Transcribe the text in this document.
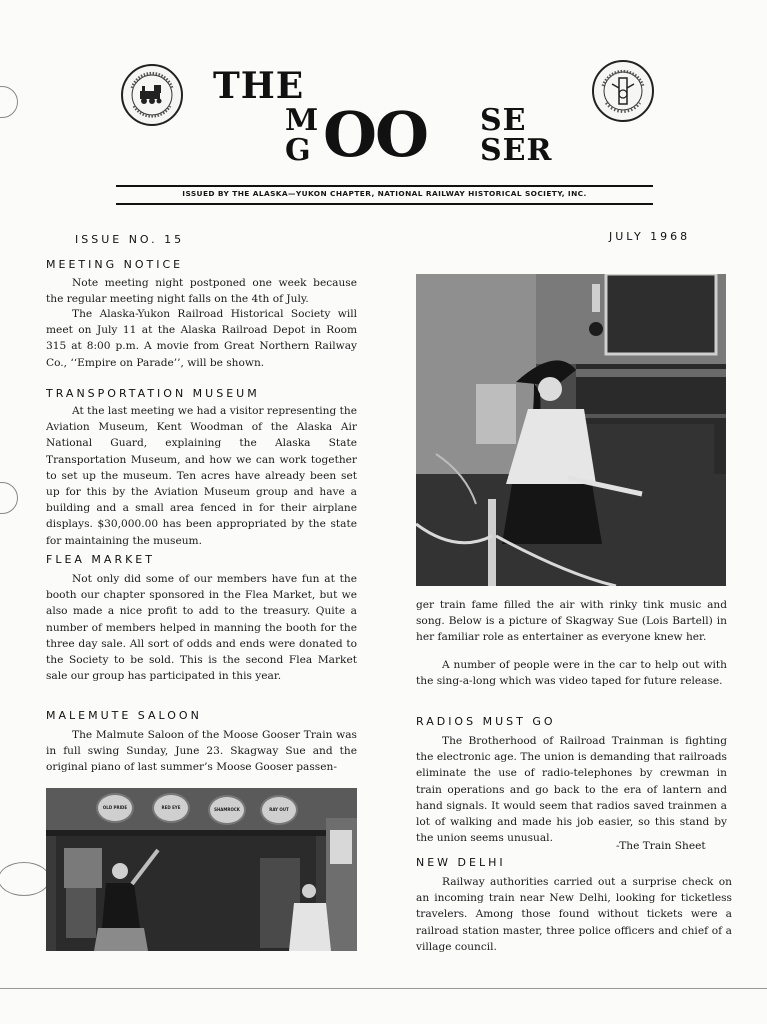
THE
M
G OO SE
SER
ISSUED BY THE ALASKA—YUKON CHAPTER, NATIONAL RAILWAY HISTORICAL SOCIETY, INC.
ISSUE NO. 15	JULY 1968
MEETING NOTICE

Note meeting night postponed one week because the regular meeting night falls on the 4th of July.

The Alaska-Yukon Railroad Historical Society will meet on July 11 at the Alaska Railroad Depot in Room 315 at 8:00 p.m. A movie from Great Northern Railway Co., ‘‘Empire on Parade’’, will be shown.

TRANSPORTATION MUSEUM

At the last meeting we had a visitor representing the Aviation Museum, Kent Woodman of the Alaska Air National Guard, explaining the Alaska State Transportation Museum, and how we can work together to set up the museum. Ten acres have already been set up for this by the Aviation Museum group and have a building and a small area fenced in for their airplane displays. $30,000.00 has been appropriated by the state for maintaining the museum.

FLEA MARKET

Not only did some of our members have fun at the booth our chapter sponsored in the Flea Market, but we also made a nice profit to add to the treasury. Quite a number of members helped in manning the booth for the three day sale. All sort of odds and ends were donated to the Society to be sold. This is the second Flea Market sale our group has participated in this year.

MALEMUTE SALOON

The Malmute Saloon of the Moose Gooser Train was in full swing Sunday, June 23. Skagway Sue and the original piano of last summer’s Moose Gooser passen-

OLD PRIDE	RED EYE	SHAMROCK	RAY OUT

ger train fame filled the air with rinky tink music and song. Below is a picture of Skagway Sue (Lois Bartell) in her familiar role as entertainer as everyone knew her.

A number of people were in the car to help out with the sing-a-long which was video taped for future release.

RADIOS MUST GO

The Brotherhood of Railroad Trainman is fighting the electronic age. The union is demanding that railroads eliminate the use of radio-telephones by crewman in train operations and go back to the era of lantern and hand signals. It would seem that radios saved trainmen a lot of walking and made his job easier, so this stand by the union seems unusual.

-The Train Sheet
NEW DELHI

Railway authorities carried out a surprise check on an incoming train near New Delhi, looking for ticketless travelers. Among those found without tickets were a railroad station master, three police officers and chief of a village council.
